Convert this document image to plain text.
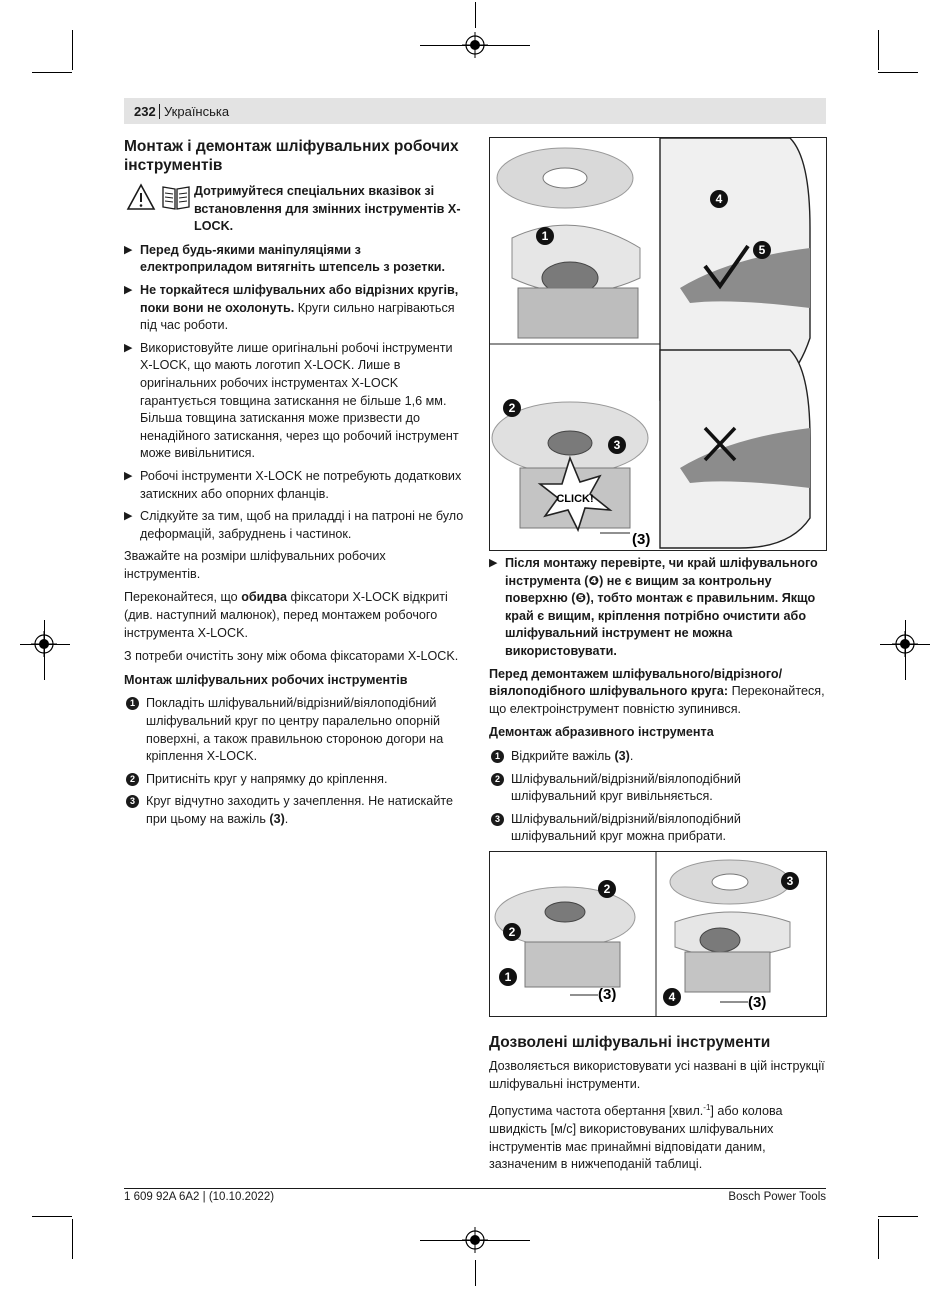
232 Українська
Монтаж і демонтаж шліфувальних робочих інструментів

Дотримуйтеся спеціальних вказівок зі встановлення для змінних інструментів X-LOCK.
▶ Перед будь-якими маніпуляціями з електроприладом витягніть штепсель з розетки.
▶ Не торкайтеся шліфувальних або відрізних кругів, поки вони не охолонуть. Круги сильно нагріваються під час роботи.
▶ Використовуйте лише оригінальні робочі інструменти X-LOCK, що мають логотип X-LOCK. Лише в оригінальних робочих інструментах X-LOCK гарантується товщина затискання не більше 1,6 мм. Більша товщина затискання може призвести до ненадійного затискання, через що робочий інструмент може вивільнитися.
▶ Робочі інструменти X-LOCK не потребують додаткових затискних або опорних фланців.
▶ Слідкуйте за тим, щоб на приладді і на патроні не було деформацій, забруднень і частинок.

Зважайте на розміри шліфувальних робочих інструментів.

Переконайтеся, що обидва фіксатори X-LOCK відкриті (див. наступний малюнок), перед монтажем робочого інструмента X-LOCK.

З потреби очистіть зону між обома фіксаторами X-LOCK.

Монтаж шліфувальних робочих інструментів
1 Покладіть шліфувальний/відрізний/віялоподібний шліфувальний круг по центру паралельно опорній поверхні, а також правильною стороною догори на кріплення X-LOCK.
2 Притисніть круг у напрямку до кріплення.
3 Круг відчутно заходить у зачеплення. Не натискайте при цьому на важіль (3).
CLICK!
(3)
1
2
3
4
5
▶ Після монтажу перевірте, чи край шліфувального інструмента (❹) не є вищим за контрольну поверхню (❺), тобто монтаж є правильним. Якщо край є вищим, кріплення потрібно очистити або шліфувальний інструмент не можна використовувати.

Перед демонтажем шліфувального/відрізного/віялоподібного шліфувального круга: Переконайтеся, що електроінструмент повністю зупинився.

Демонтаж абразивного інструмента
1 Відкрийте важіль (3).
2 Шліфувальний/відрізний/віялоподібний шліфувальний круг вивільняється.
3 Шліфувальний/відрізний/віялоподібний шліфувальний круг можна прибрати.
(3)	(3)
1
2
2
3
4
Дозволені шліфувальні інструменти

Дозволяється використовувати усі названі в цій інструкції шліфувальні інструменти.

Допустима частота обертання [хвил.$^{-1}$] або колова швидкість [м/с] використовуваних шліфувальних інструментів має принаймні відповідати даним, зазначеним в нижчеподаній таблиці.

1 609 92A 6A2 | (10.10.2022)	Bosch Power Tools
